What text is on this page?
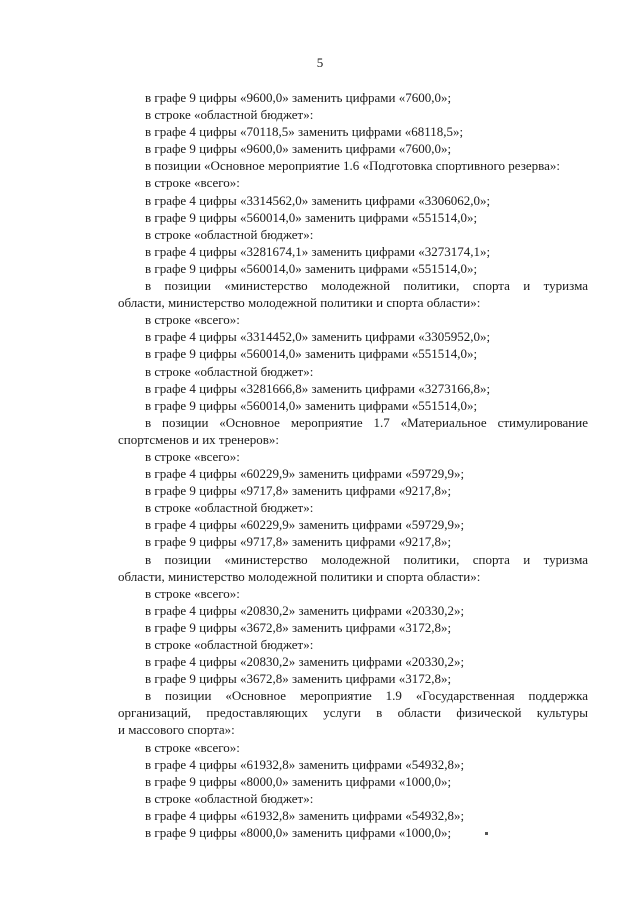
5
в графе 9 цифры «9600,0» заменить цифрами «7600,0»;
в строке «областной бюджет»:
в графе 4 цифры «70118,5» заменить цифрами «68118,5»;
в графе 9 цифры «9600,0» заменить цифрами «7600,0»;
в позиции «Основное мероприятие 1.6 «Подготовка спортивного резерва»:
в строке «всего»:
в графе 4 цифры «3314562,0» заменить цифрами «3306062,0»;
в графе 9 цифры «560014,0» заменить цифрами «551514,0»;
в строке «областной бюджет»:
в графе 4 цифры «3281674,1» заменить цифрами «3273174,1»;
в графе 9 цифры «560014,0» заменить цифрами «551514,0»;
в позиции «министерство молодежной политики, спорта и туризма
области, министерство молодежной политики и спорта области»:
в строке «всего»:
в графе 4 цифры «3314452,0» заменить цифрами «3305952,0»;
в графе 9 цифры «560014,0» заменить цифрами «551514,0»;
в строке «областной бюджет»:
в графе 4 цифры «3281666,8» заменить цифрами «3273166,8»;
в графе 9 цифры «560014,0» заменить цифрами «551514,0»;
в позиции «Основное мероприятие 1.7 «Материальное стимулирование
спортсменов и их тренеров»:
в строке «всего»:
в графе 4 цифры «60229,9» заменить цифрами «59729,9»;
в графе 9 цифры «9717,8» заменить цифрами «9217,8»;
в строке «областной бюджет»:
в графе 4 цифры «60229,9» заменить цифрами «59729,9»;
в графе 9 цифры «9717,8» заменить цифрами «9217,8»;
в позиции «министерство молодежной политики, спорта и туризма
области, министерство молодежной политики и спорта области»:
в строке «всего»:
в графе 4 цифры «20830,2» заменить цифрами «20330,2»;
в графе 9 цифры «3672,8» заменить цифрами «3172,8»;
в строке «областной бюджет»:
в графе 4 цифры «20830,2» заменить цифрами «20330,2»;
в графе 9 цифры «3672,8» заменить цифрами «3172,8»;
в позиции «Основное мероприятие 1.9 «Государственная поддержка
организаций, предоставляющих услуги в области физической культуры
и массового спорта»:
в строке «всего»:
в графе 4 цифры «61932,8» заменить цифрами «54932,8»;
в графе 9 цифры «8000,0» заменить цифрами «1000,0»;
в строке «областной бюджет»:
в графе 4 цифры «61932,8» заменить цифрами «54932,8»;
в графе 9 цифры «8000,0» заменить цифрами «1000,0»;
